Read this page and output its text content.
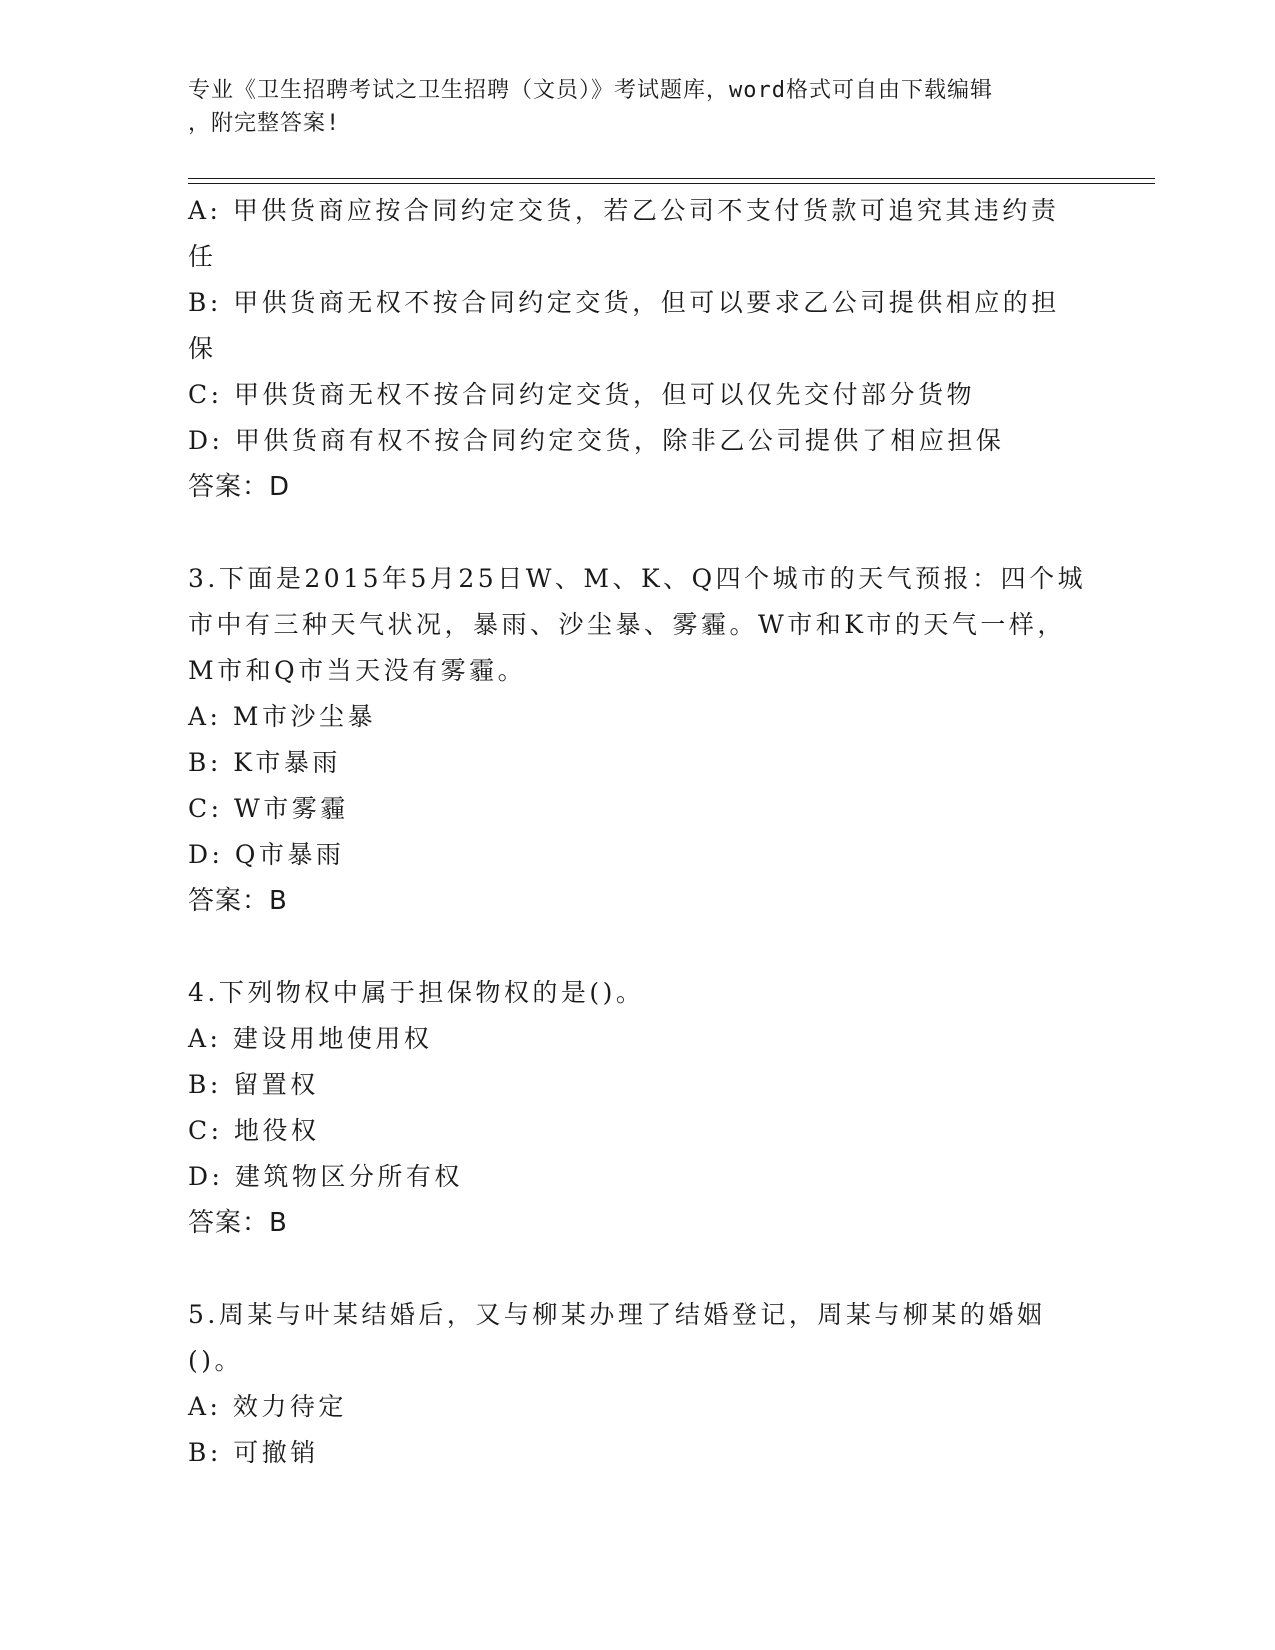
专业《卫生招聘考试之卫生招聘（文员）》考试题库，word格式可自由下载编辑
，附完整答案!
A: 甲供货商应按合同约定交货，若乙公司不支付货款可追究其违约责
任
B: 甲供货商无权不按合同约定交货，但可以要求乙公司提供相应的担
保
C: 甲供货商无权不按合同约定交货，但可以仅先交付部分货物
D: 甲供货商有权不按合同约定交货，除非乙公司提供了相应担保
答案：D
3.下面是2015年5月25日W、M、K、Q四个城市的天气预报：四个城
市中有三种天气状况，暴雨、沙尘暴、雾霾。W市和K市的天气一样，
M市和Q市当天没有雾霾。
A: M市沙尘暴
B: K市暴雨
C: W市雾霾
D: Q市暴雨
答案：B
4.下列物权中属于担保物权的是()。
A: 建设用地使用权
B: 留置权
C: 地役权
D: 建筑物区分所有权
答案：B
5.周某与叶某结婚后，又与柳某办理了结婚登记，周某与柳某的婚姻
()。
A: 效力待定
B: 可撤销
